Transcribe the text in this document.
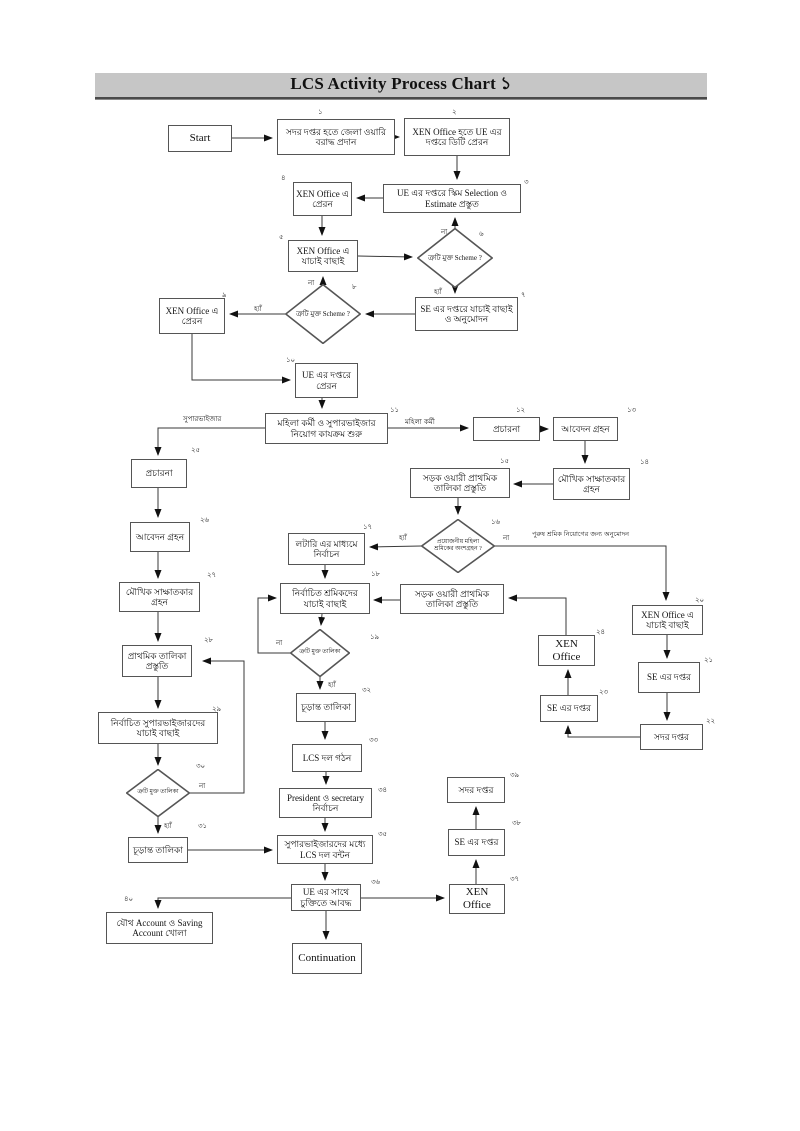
LCS Activity Process Chart ১
Start
সদর দপ্তর হতে জেলা ওয়ারি বরাদ্ধ প্রদান
XEN Office হতে UE এর দপ্তরে ডিটি প্রেরন
UE এর দপ্তরে স্কিম Selection ও Estimate প্রস্তুত
XEN Office এ প্রেরন
XEN Office এ যাচাই বাছাই
SE এর দপ্তরে যাচাই বাছাই ও অনুমোদন
XEN Office এ প্রেরন
UE এর দপ্তরে প্রেরন
মহিলা কর্মী ও সুপারভাইজার নিয়োগ কাযক্রম শুরু	প্রচারনা	আবেদন গ্রহন
মৌখিক সাক্ষাতকার গ্রহন
সড়ক ওয়ারী প্রাথমিক তালিকা প্রস্তুতি
লটারি এর মাধ্যমে নির্বাচন
নির্বাচিত শ্রমিকদের যাচাই বাছাই
সড়ক ওয়ারী প্রাথমিক তালিকা প্রস্তুতি
XEN Office এ যাচাই বাছাই
SE এর দপ্তর
সদর দপ্তর
SE এর দপ্তর
XEN Office
প্রচারনা
আবেদন গ্রহন
মৌখিক সাক্ষাতকার গ্রহন
প্রাথমিক তালিকা প্রস্তুতি
নির্বাচিত সুপারভাইজারদের যাচাই বাছাই
চূড়ান্ত তালিকা
চূড়ান্ত তালিকা
LCS দল গঠন
President ও secretary নির্বাচন
সুপারভাইজারদের মধ্যে LCS দল বন্টন
UE এর সাথে চুক্তিতে আবদ্ধ
XEN Office
SE এর দপ্তর
সদর দপ্তর
যৌথ Account ও Saving Account খোলা
Continuation
ত্রুটি মুক্ত Scheme ?
ত্রুটি মুক্ত Scheme ?
প্রয়োজনীয় মহিলা শ্রমিকের অংশগ্রহন ?
ত্রুটি মুক্ত তালিকা
ত্রুটি মুক্ত তালিকা
১	২
৩
৪
৫	৬
৭
৮
৯
১০
১১	১২	১৩
১৪
১৫
১৬
১৭
১৮
১৯
২০
২১
২২
২৩
২৪
২৫
২৬
২৭
২৮
২৯
৩০
৩১
৩২
৩৩
৩৪
৩৫
৩৬	৩৭
৩৮
৩৯
৪০
না
হ্যাঁ
না
হ্যাঁ
সুপারভাইজার	মহিলা কর্মী
হ্যাঁ	না	পুরুষ শ্রমিক নিয়োগের জন্য অনুমোদন
না
হ্যাঁ
না
হ্যাঁ
